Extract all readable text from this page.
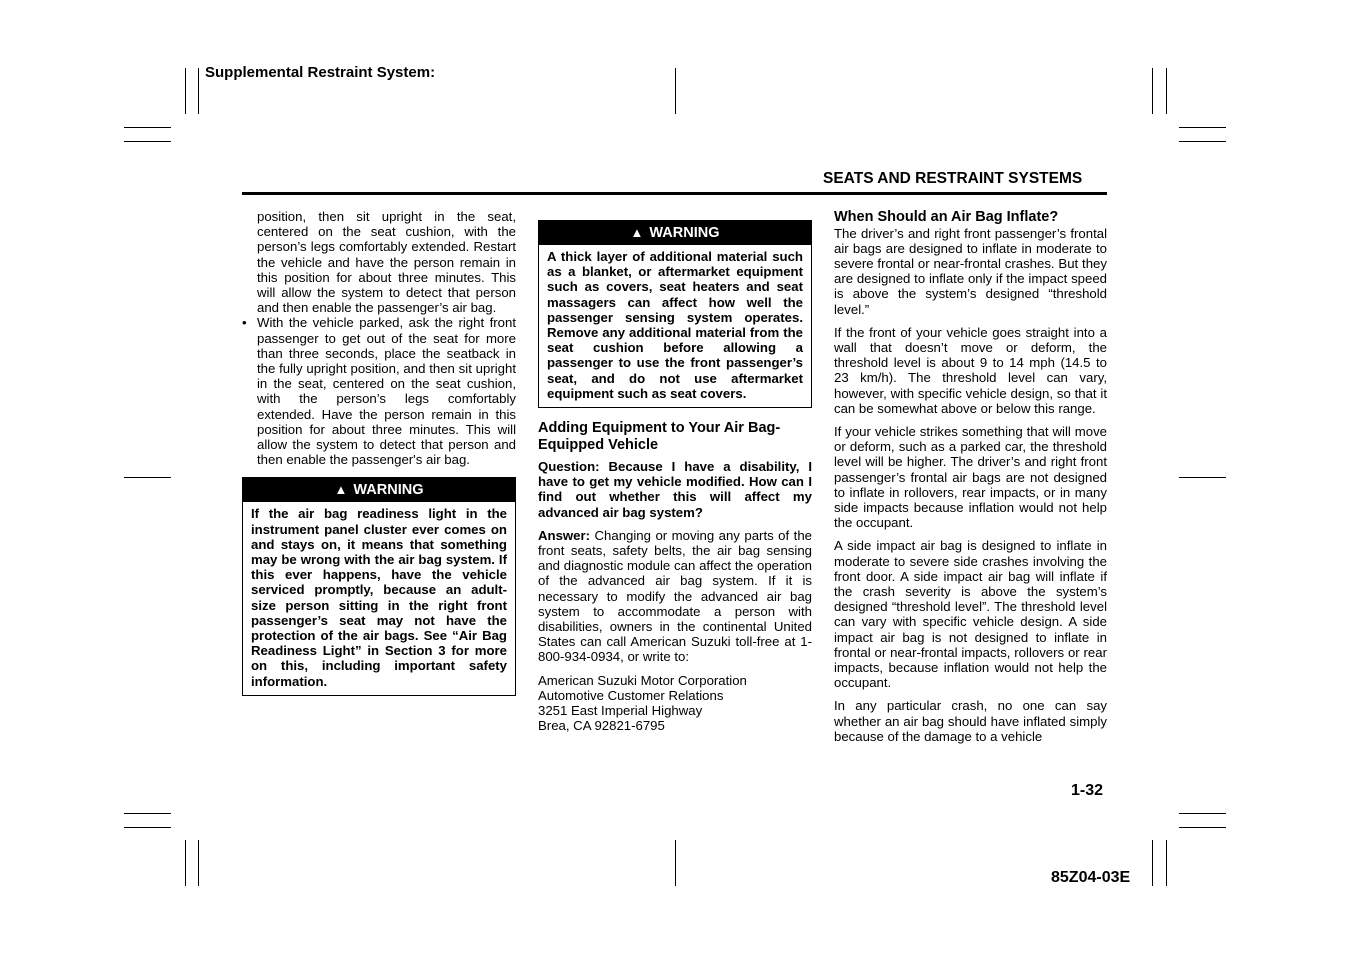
Supplemental Restraint System:
SEATS AND RESTRAINT SYSTEMS
position, then sit upright in the seat, centered on the seat cushion, with the person’s legs comfortably extended. Restart the vehicle and have the person remain in this position for about three minutes. This will allow the system to detect that person and then enable the passenger’s air bag.
• With the vehicle parked, ask the right front passenger to get out of the seat for more than three seconds, place the seatback in the fully upright position, and then sit upright in the seat, centered on the seat cushion, with the person’s legs comfortably extended. Have the person remain in this position for about three minutes. This will allow the system to detect that person and then enable the passenger's air bag.
▲ WARNING
If the air bag readiness light in the instrument panel cluster ever comes on and stays on, it means that something may be wrong with the air bag system. If this ever happens, have the vehicle serviced promptly, because an adult-size person sitting in the right front passenger’s seat may not have the protection of the air bags. See “Air Bag Readiness Light” in Section 3 for more on this, including important safety information.
▲ WARNING
A thick layer of additional material such as a blanket, or aftermarket equipment such as covers, seat heaters and seat massagers can affect how well the passenger sensing system operates. Remove any additional material from the seat cushion before allowing a passenger to use the front passenger’s seat, and do not use aftermarket equipment such as seat covers.
Adding Equipment to Your Air Bag-Equipped Vehicle

Question: Because I have a disability, I have to get my vehicle modified. How can I find out whether this will affect my advanced air bag system?

Answer: Changing or moving any parts of the front seats, safety belts, the air bag sensing and diagnostic module can affect the operation of the advanced air bag system. If it is necessary to modify the advanced air bag system to accommodate a person with disabilities, owners in the continental United States can call American Suzuki toll-free at 1-800-934-0934, or write to:

American Suzuki Motor Corporation
Automotive Customer Relations
3251 East Imperial Highway
Brea, CA 92821-6795
When Should an Air Bag Inflate?

The driver’s and right front passenger’s frontal air bags are designed to inflate in moderate to severe frontal or near-frontal crashes. But they are designed to inflate only if the impact speed is above the system’s designed “threshold level.”

If the front of your vehicle goes straight into a wall that doesn’t move or deform, the threshold level is about 9 to 14 mph (14.5 to 23 km/h). The threshold level can vary, however, with specific vehicle design, so that it can be somewhat above or below this range.

If your vehicle strikes something that will move or deform, such as a parked car, the threshold level will be higher. The driver’s and right front passenger’s frontal air bags are not designed to inflate in rollovers, rear impacts, or in many side impacts because inflation would not help the occupant.

A side impact air bag is designed to inflate in moderate to severe side crashes involving the front door. A side impact air bag will inflate if the crash severity is above the system’s designed “threshold level”. The threshold level can vary with specific vehicle design. A side impact air bag is not designed to inflate in frontal or near-frontal impacts, rollovers or rear impacts, because inflation would not help the occupant.

In any particular crash, no one can say whether an air bag should have inflated simply because of the damage to a vehicle

1-32
85Z04-03E
